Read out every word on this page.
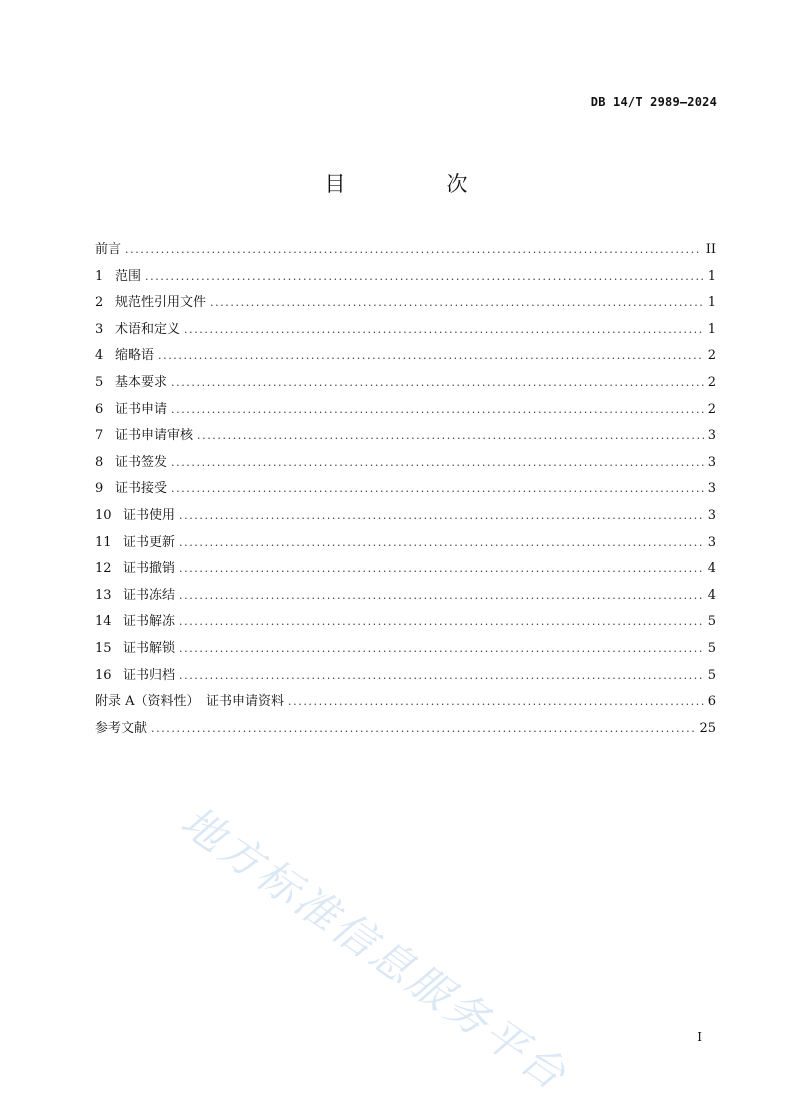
DB 14/T 2989—2024
目　次
前言 .....	II
1 范围 .....	1
2 规范性引用文件 .....	1
3 术语和定义 .....	1
4 缩略语 .....	2
5 基本要求 .....	2
6 证书申请 .....	2
7 证书申请审核 .....	3
8 证书签发 .....	3
9 证书接受 .....	3
10 证书使用 .....	3
11 证书更新 .....	3
12 证书撤销 .....	4
13 证书冻结 .....	4
14 证书解冻 .....	5
15 证书解锁 .....	5
16 证书归档 .....	5
附录 A（资料性）　证书申请资料 .....	6
参考文献 .....	25
地方标准信息服务平台	I
